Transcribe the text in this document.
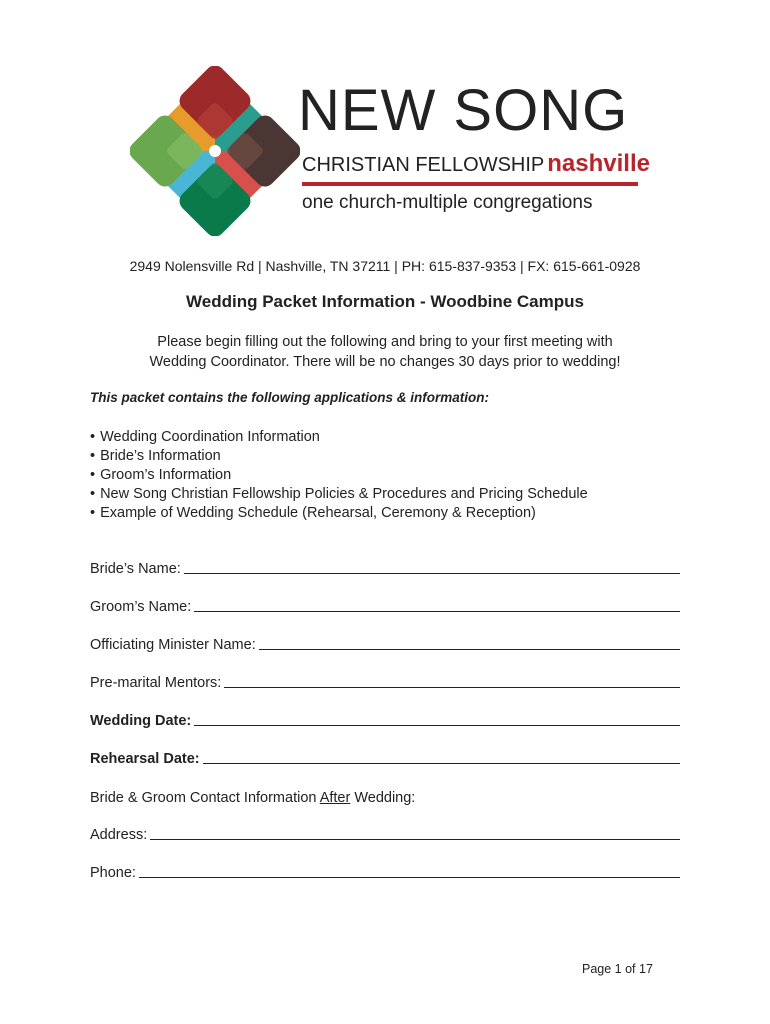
NEW SONG
CHRISTIAN FELLOWSHIP nashville
one church-multiple congregations
2949 Nolensville Rd | Nashville, TN 37211 | PH: 615-837-9353 | FX: 615-661-0928
Wedding Packet Information - Woodbine Campus
Please begin filling out the following and bring to your first meeting with
Wedding Coordinator. There will be no changes 30 days prior to wedding!
This packet contains the following applications & information:
• Wedding Coordination Information
• Bride’s Information
• Groom’s Information
• New Song Christian Fellowship Policies & Procedures and Pricing Schedule
• Example of Wedding Schedule (Rehearsal, Ceremony & Reception)
Bride’s Name:
Groom’s Name:
Officiating Minister Name:
Pre-marital Mentors:
Wedding Date:
Rehearsal Date:
Bride & Groom Contact Information After Wedding:
Address:
Phone:
Page 1 of 17
